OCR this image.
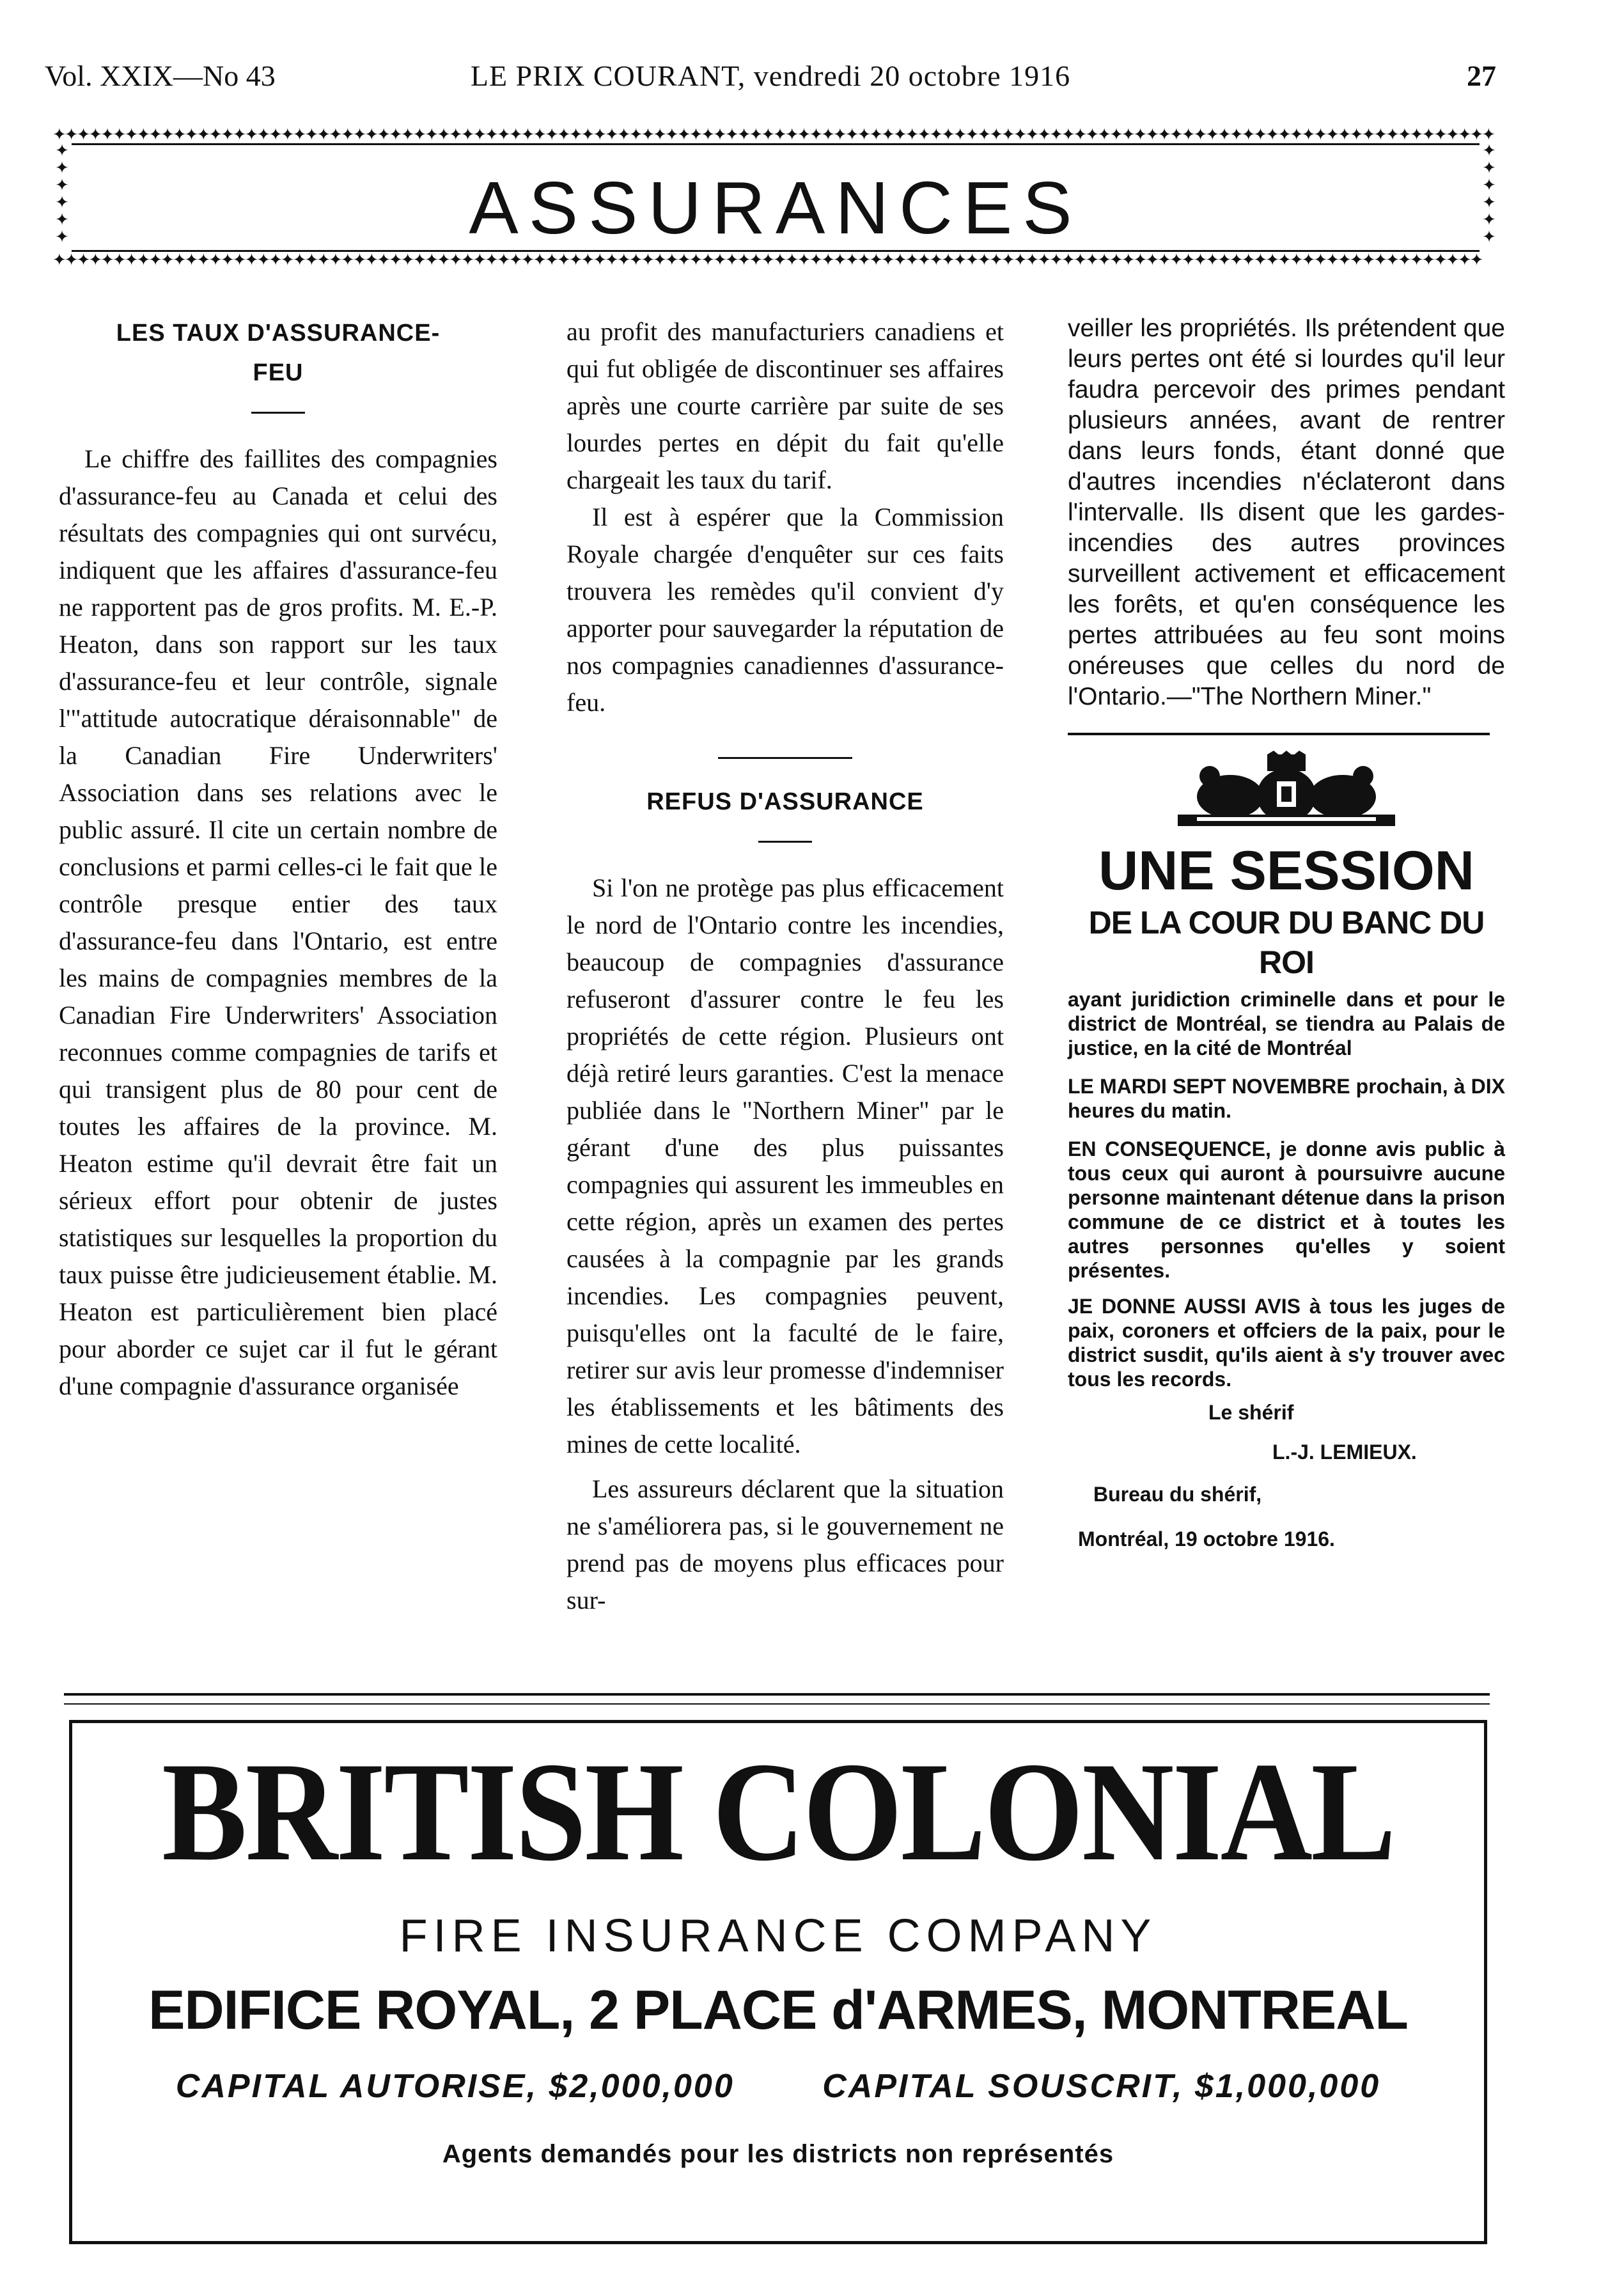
Vol. XXIX—No 43	LE PRIX COURANT, vendredi 20 octobre 1916	27
✦✦✦✦✦✦✦✦✦✦✦✦✦✦✦✦✦✦✦✦✦✦✦✦✦✦✦✦✦✦✦✦✦✦✦✦✦✦✦✦✦✦✦✦✦✦✦✦✦✦✦✦✦✦✦✦✦✦✦✦✦✦✦✦✦✦✦✦✦✦✦✦✦✦✦✦✦✦✦✦✦✦✦✦✦✦✦✦✦✦✦✦✦✦✦✦✦✦✦✦✦✦✦✦✦✦✦✦✦✦✦✦✦✦✦✦✦✦✦✦
✦✦✦✦✦✦
✦✦✦✦✦✦
ASSURANCES
✦✦✦✦✦✦✦✦✦✦✦✦✦✦✦✦✦✦✦✦✦✦✦✦✦✦✦✦✦✦✦✦✦✦✦✦✦✦✦✦✦✦✦✦✦✦✦✦✦✦✦✦✦✦✦✦✦✦✦✦✦✦✦✦✦✦✦✦✦✦✦✦✦✦✦✦✦✦✦✦✦✦✦✦✦✦✦✦✦✦✦✦✦✦✦✦✦✦✦✦✦✦✦✦✦✦✦✦✦✦✦✦✦✦✦✦✦✦✦
LES TAUX D'ASSURANCE-
FEU

Le chiffre des faillites des compagnies d'assurance-feu au Canada et celui des résultats des compagnies qui ont survécu, indiquent que les affaires d'assurance-feu ne rapportent pas de gros profits. M. E.-P. Heaton, dans son rapport sur les taux d'assurance-feu et leur contrôle, signale l'"attitude autocratique déraisonnable" de la Canadian Fire Underwriters' Association dans ses relations avec le public assuré. Il cite un certain nombre de conclusions et parmi celles-ci le fait que le contrôle presque entier des taux d'assurance-feu dans l'Ontario, est entre les mains de compagnies membres de la Canadian Fire Underwriters' Association reconnues comme compagnies de tarifs et qui transigent plus de 80 pour cent de toutes les affaires de la province. M. Heaton estime qu'il devrait être fait un sérieux effort pour obtenir de justes statistiques sur lesquelles la proportion du taux puisse être judicieusement établie. M. Heaton est particulièrement bien placé pour aborder ce sujet car il fut le gérant d'une compagnie d'assurance organisée

au profit des manufacturiers canadiens et qui fut obligée de discontinuer ses affaires après une courte carrière par suite de ses lourdes pertes en dépit du fait qu'elle chargeait les taux du tarif.

Il est à espérer que la Commission Royale chargée d'enquêter sur ces faits trouvera les remèdes qu'il convient d'y apporter pour sauvegarder la réputation de nos compagnies canadiennes d'assurance-feu.

REFUS D'ASSURANCE

Si l'on ne protège pas plus efficacement le nord de l'Ontario contre les incendies, beaucoup de compagnies d'assurance refuseront d'assurer contre le feu les propriétés de cette région. Plusieurs ont déjà retiré leurs garanties. C'est la menace publiée dans le "Northern Miner" par le gérant d'une des plus puissantes compagnies qui assurent les immeubles en cette région, après un examen des pertes causées à la compagnie par les grands incendies. Les compagnies peuvent, puisqu'elles ont la faculté de le faire, retirer sur avis leur promesse d'indemniser les établissements et les bâtiments des mines de cette localité.

Les assureurs déclarent que la situation ne s'améliorera pas, si le gouvernement ne prend pas de moyens plus efficaces pour sur-

veiller les propriétés. Ils prétendent que leurs pertes ont été si lourdes qu'il leur faudra percevoir des primes pendant plusieurs années, avant de rentrer dans leurs fonds, étant donné que d'autres incendies n'éclateront dans l'intervalle. Ils disent que les gardes-incendies des autres provinces surveillent activement et efficacement les forêts, et qu'en conséquence les pertes attribuées au feu sont moins onéreuses que celles du nord de l'Ontario.—"The Northern Miner."

UNE SESSION
DE LA COUR DU BANC DU ROI

ayant juridiction criminelle dans et pour le district de Montréal, se tiendra au Palais de justice, en la cité de Montréal

LE MARDI SEPT NOVEMBRE prochain, à DIX heures du matin.

EN CONSEQUENCE, je donne avis public à tous ceux qui auront à poursuivre aucune personne maintenant détenue dans la prison commune de ce district et à toutes les autres personnes qu'elles y soient présentes.

JE DONNE AUSSI AVIS à tous les juges de paix, coroners et offciers de la paix, pour le district susdit, qu'ils aient à s'y trouver avec tous les records.

Le shérif
L.-J. LEMIEUX.
Bureau du shérif,
Montréal, 19 octobre 1916.
BRITISH COLONIAL
FIRE INSURANCE COMPANY
EDIFICE ROYAL, 2 PLACE d'ARMES, MONTREAL
CAPITAL AUTORISE, $2,000,000	CAPITAL SOUSCRIT, $1,000,000
Agents demandés pour les districts non représentés
